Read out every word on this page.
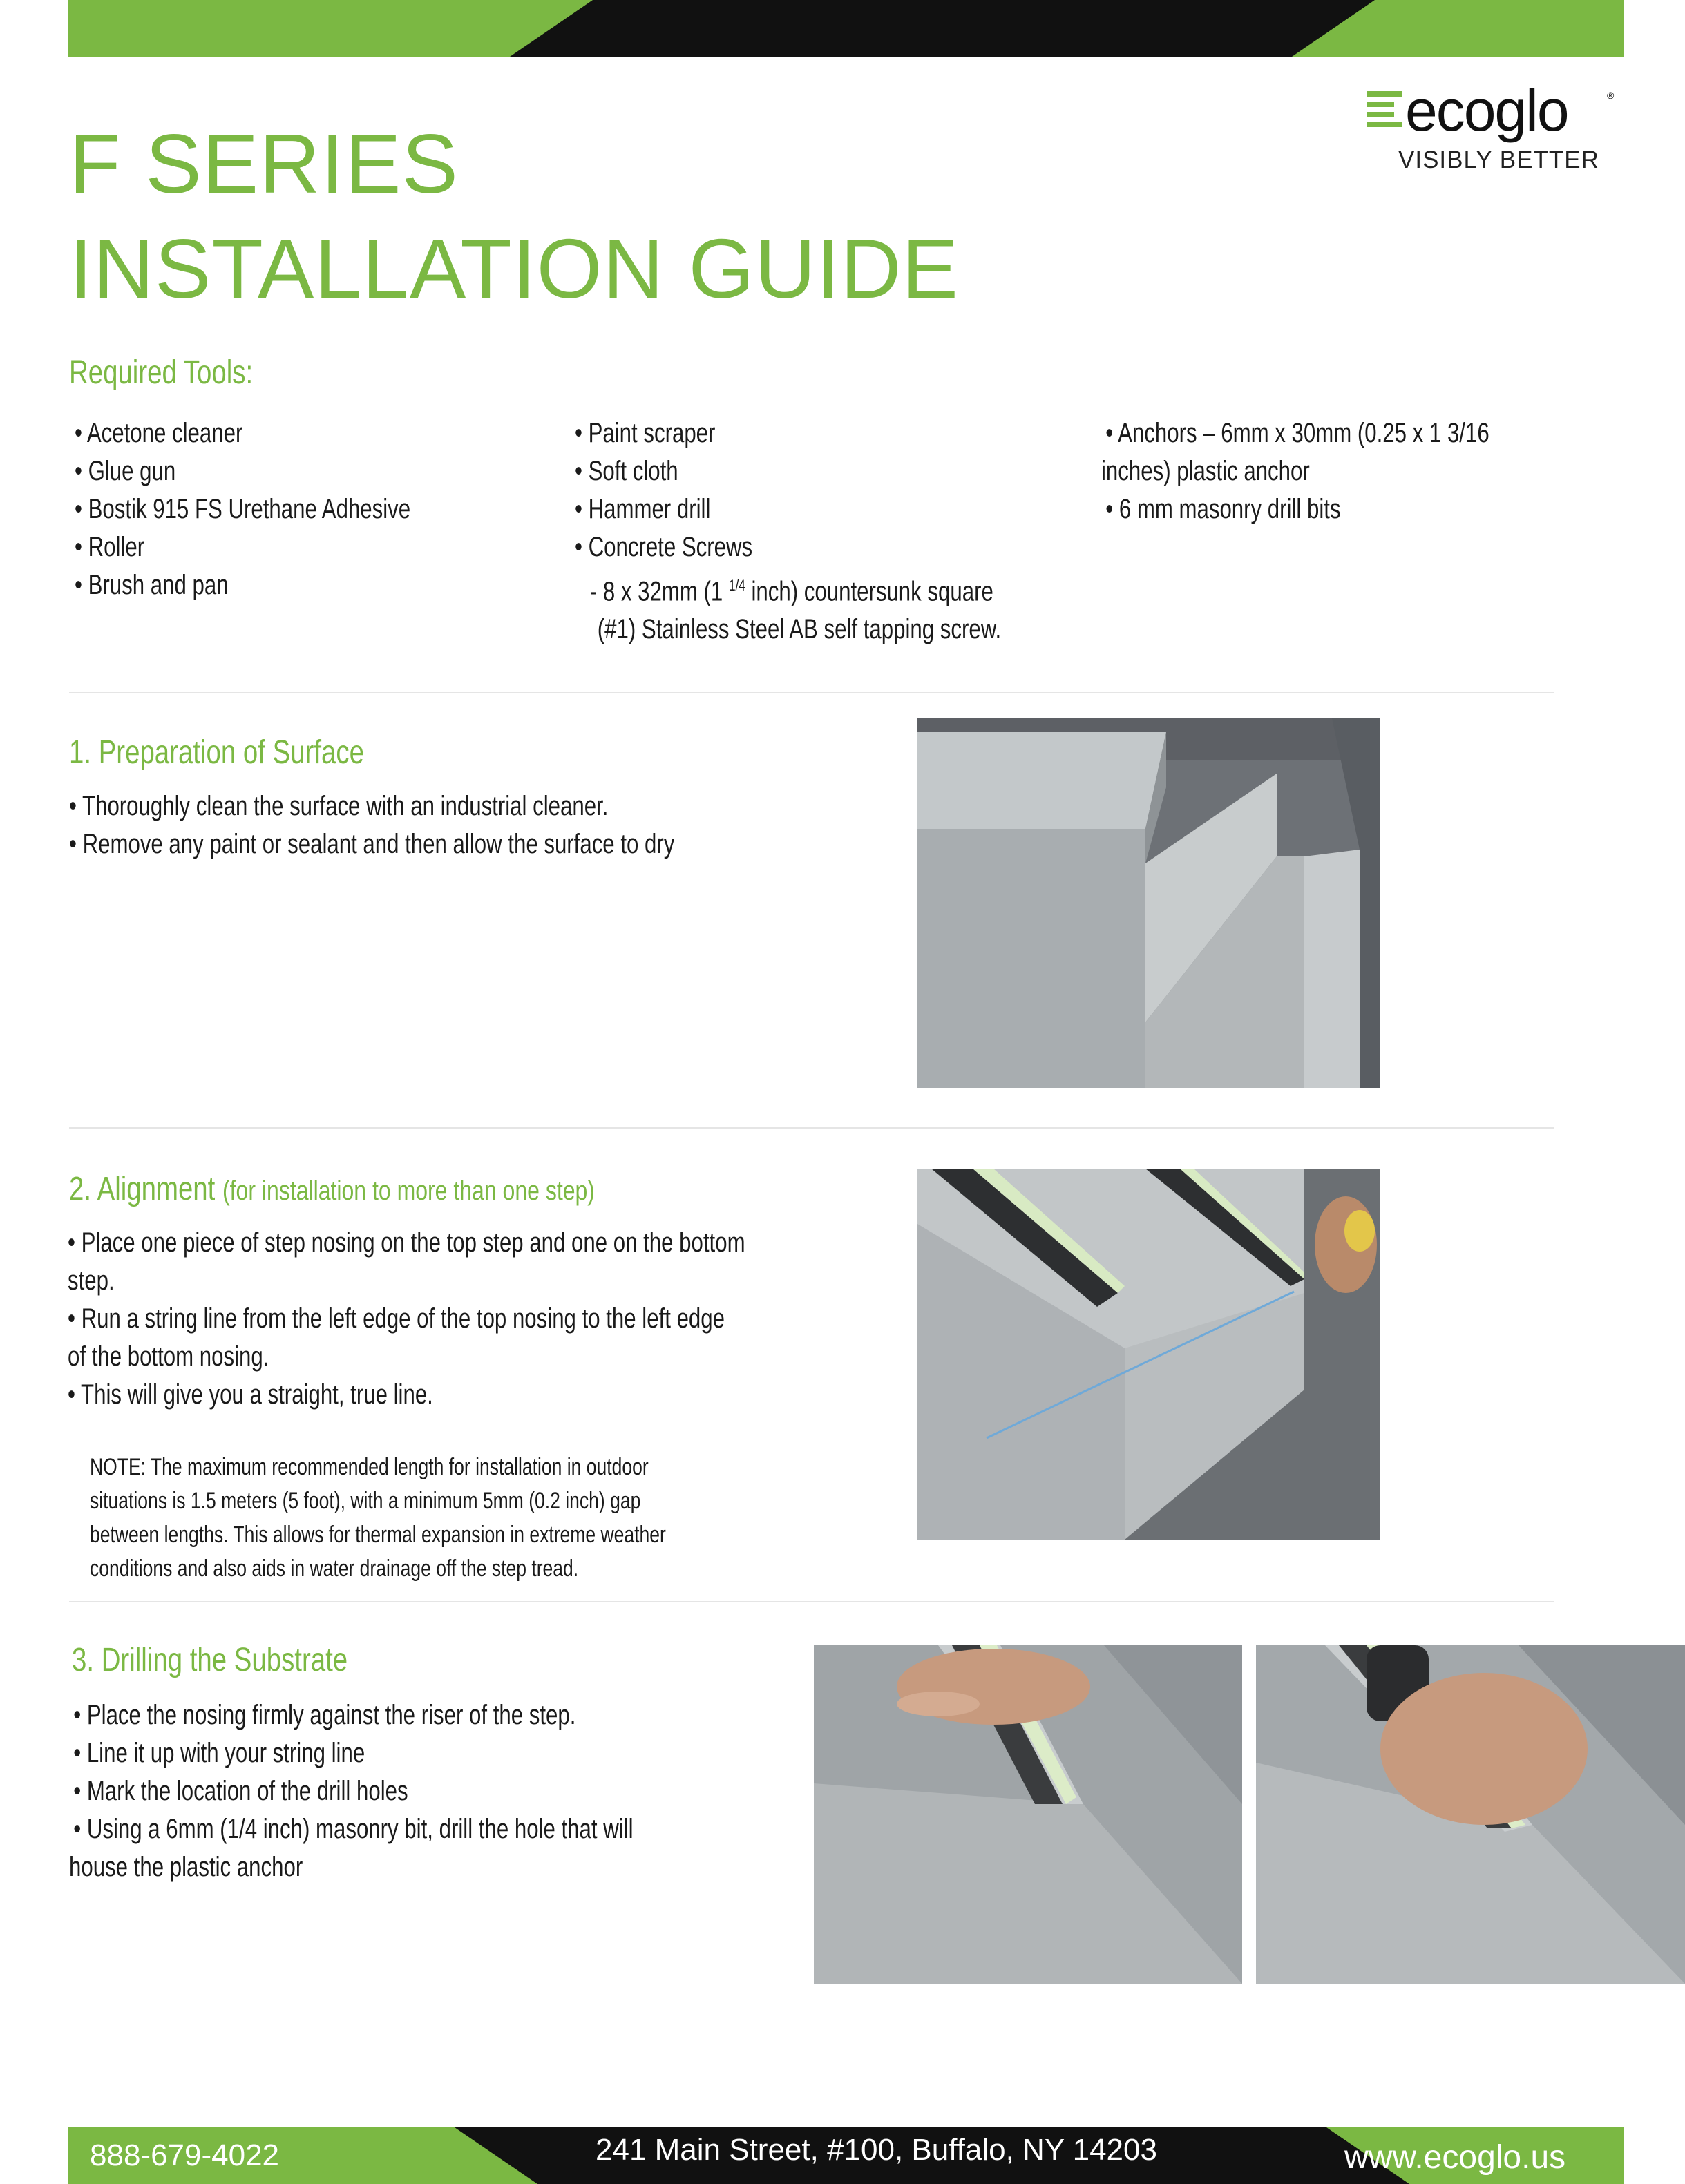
F SERIES
INSTALLATION GUIDE
ecoglo	®
VISIBLY BETTER
Required Tools:
• Acetone cleaner
• Glue gun
• Bostik 915 FS Urethane Adhesive
• Roller
• Brush and pan
• Paint scraper
• Soft cloth
• Hammer drill
• Concrete Screws
- 8 x 32mm (1 $^{1/4}$ inch) countersunk square
(#1) Stainless Steel AB self tapping screw.
• Anchors – 6mm x 30mm (0.25 x 1 3/16
inches) plastic anchor
• 6 mm masonry drill bits
1. Preparation of Surface
• Thoroughly clean the surface with an industrial cleaner.
• Remove any paint or sealant and then allow the surface to dry
2. Alignment (for installation to more than one step)
• Place one piece of step nosing on the top step and one on the bottom
step.
• Run a string line from the left edge of the top nosing to the left edge
of the bottom nosing.
• This will give you a straight, true line.
NOTE: The maximum recommended length for installation in outdoor
situations is 1.5 meters (5 foot), with a minimum 5mm (0.2 inch) gap
between lengths. This allows for thermal expansion in extreme weather
conditions and also aids in water drainage off the step tread.
3. Drilling the Substrate
• Place the nosing firmly against the riser of the step.
• Line it up with your string line
• Mark the location of the drill holes
• Using a 6mm (1/4 inch) masonry bit, drill the hole that will
house the plastic anchor
888-679-4022	241 Main Street, #100, Buffalo, NY 14203	www.ecoglo.us
